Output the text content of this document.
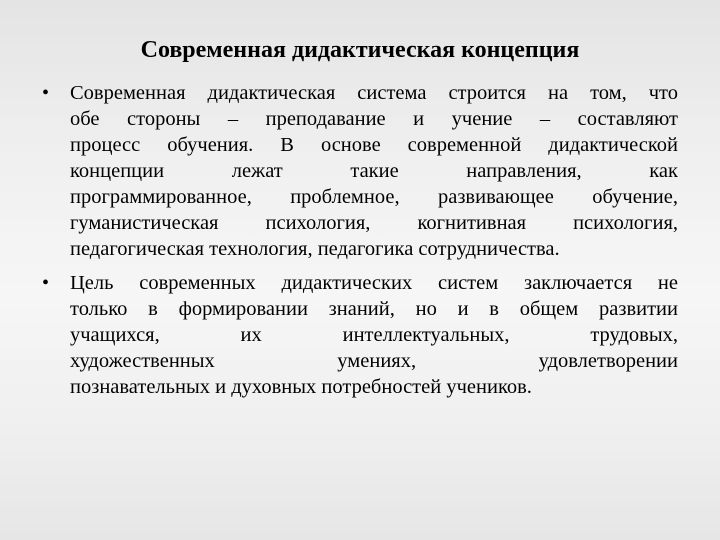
Современная дидактическая концепция
• Современная дидактическая система строится на том, что
обе стороны – преподавание и учение – составляют
процесс обучения. В основе современной дидактической
концепции лежат такие направления, как
программированное, проблемное, развивающее обучение,
гуманистическая психология, когнитивная психология,
педагогическая технология, педагогика сотрудничества.
• Цель современных дидактических систем заключается не
только в формировании знаний, но и в общем развитии
учащихся, их интеллектуальных, трудовых,
художественных умениях, удовлетворении
познавательных и духовных потребностей учеников.
